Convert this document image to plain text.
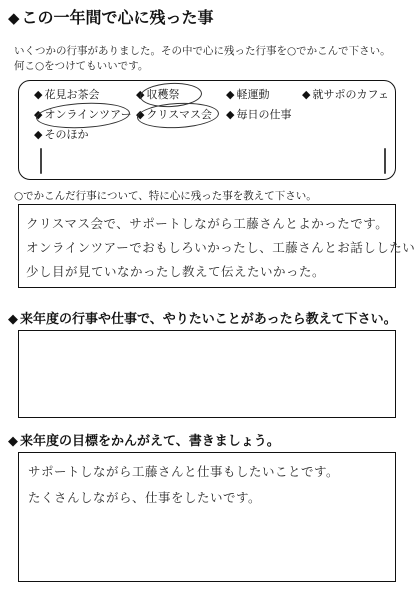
◆ この一年間で心に残った事
いくつかの行事がありました。その中で心に残った行事を○でかこんで下さい。
何こ○をつけてもいいです。
◆ 花見お茶会	◆ 収穫祭	◆ 軽運動	◆ 就サポのカフェ
◆ オンラインツアー ◆ クリスマス会 ◆ 毎日の仕事
◆ そのほか
○でかこんだ行事について、特に心に残った事を教えて下さい。
クリスマス会で、サポートしながら工藤さんとよかったです。
オンラインツアーでおもしろいかったし、工藤さんとお話ししたい
少し目が見ていなかったし教えて伝えたいかった。
◆ 来年度の行事や仕事で、やりたいことがあったら教えて下さい。
◆ 来年度の目標をかんがえて、書きましょう。
サポートしながら工藤さんと仕事もしたいことです。
たくさんしながら、仕事をしたいです。
